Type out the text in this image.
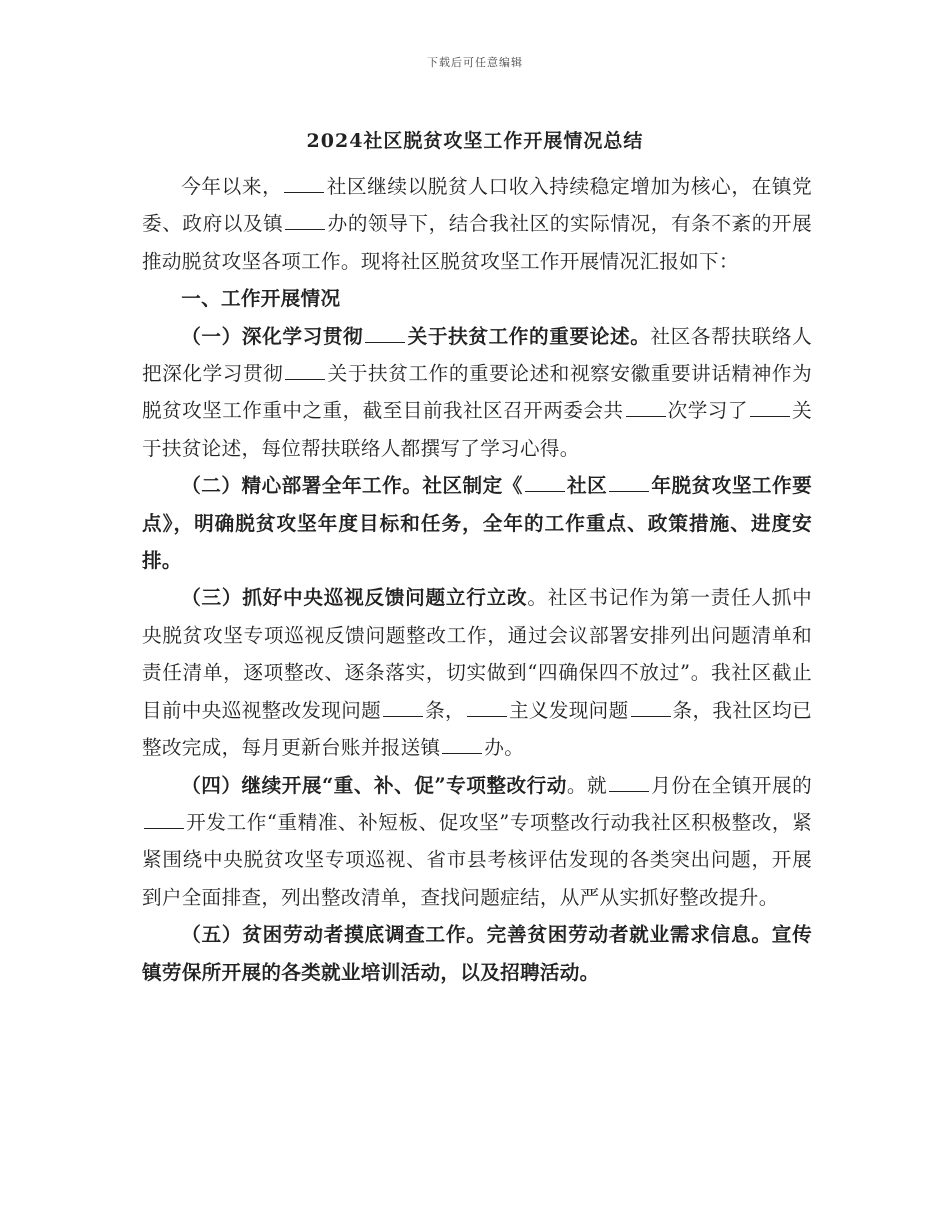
下载后可任意编辑
2024社区脱贫攻坚工作开展情况总结

今年以来， 社区继续以脱贫人口收入持续稳定增加为核心，在镇党委、政府以及镇 办的领导下，结合我社区的实际情况，有条不紊的开展推动脱贫攻坚各项工作。现将社区脱贫攻坚工作开展情况汇报如下：

一、工作开展情况

（一）深化学习贯彻 关于扶贫工作的重要论述。社区各帮扶联络人把深化学习贯彻 关于扶贫工作的重要论述和视察安徽重要讲话精神作为脱贫攻坚工作重中之重，截至目前我社区召开两委会共 次学习了 关于扶贫论述，每位帮扶联络人都撰写了学习心得。

（二）精心部署全年工作。社区制定《 社区 年脱贫攻坚工作要点》，明确脱贫攻坚年度目标和任务，全年的工作重点、政策措施、进度安排。

（三）抓好中央巡视反馈问题立行立改。社区书记作为第一责任人抓中央脱贫攻坚专项巡视反馈问题整改工作，通过会议部署安排列出问题清单和责任清单，逐项整改、逐条落实，切实做到“四确保四不放过”。我社区截止目前中央巡视整改发现问题 条， 主义发现问题 条，我社区均已整改完成，每月更新台账并报送镇 办。

（四）继续开展“重、补、促”专项整改行动。就 月份在全镇开展的开发工作“重精准、补短板、促攻坚”专项整改行动我社区积极整改，紧紧围绕中央脱贫攻坚专项巡视、省市县考核评估发现的各类突出问题，开展到户全面排查，列出整改清单，查找问题症结，从严从实抓好整改提升。

（五）贫困劳动者摸底调查工作。完善贫困劳动者就业需求信息。宣传镇劳保所开展的各类就业培训活动，以及招聘活动。
